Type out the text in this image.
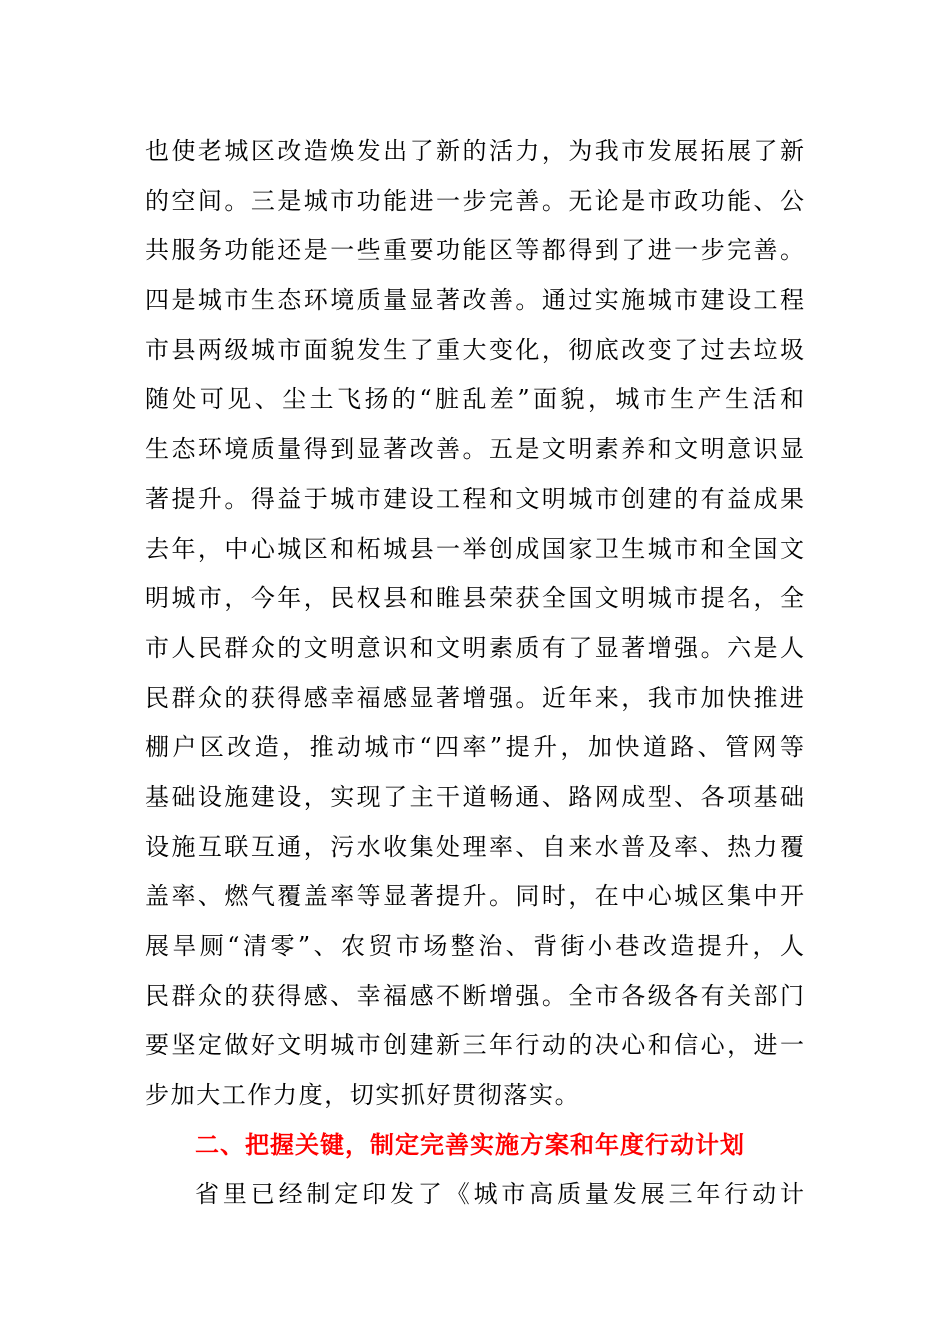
也使老城区改造焕发出了新的活力，为我市发展拓展了新
的空间。三是城市功能进一步完善。无论是市政功能、公
共服务功能还是一些重要功能区等都得到了进一步完善。
四是城市生态环境质量显著改善。通过实施城市建设工程
市县两级城市面貌发生了重大变化，彻底改变了过去垃圾
随处可见、尘土飞扬的“脏乱差”面貌，城市生产生活和
生态环境质量得到显著改善。五是文明素养和文明意识显
著提升。得益于城市建设工程和文明城市创建的有益成果
去年，中心城区和柘城县一举创成国家卫生城市和全国文
明城市，今年，民权县和睢县荣获全国文明城市提名，全
市人民群众的文明意识和文明素质有了显著增强。六是人
民群众的获得感幸福感显著增强。近年来，我市加快推进
棚户区改造，推动城市“四率”提升，加快道路、管网等
基础设施建设，实现了主干道畅通、路网成型、各项基础
设施互联互通，污水收集处理率、自来水普及率、热力覆
盖率、燃气覆盖率等显著提升。同时，在中心城区集中开
展旱厕“清零”、农贸市场整治、背街小巷改造提升，人
民群众的获得感、幸福感不断增强。全市各级各有关部门
要坚定做好文明城市创建新三年行动的决心和信心，进一
步加大工作力度，切实抓好贯彻落实。
二、把握关键，制定完善实施方案和年度行动计划
省里已经制定印发了《城市高质量发展三年行动计
